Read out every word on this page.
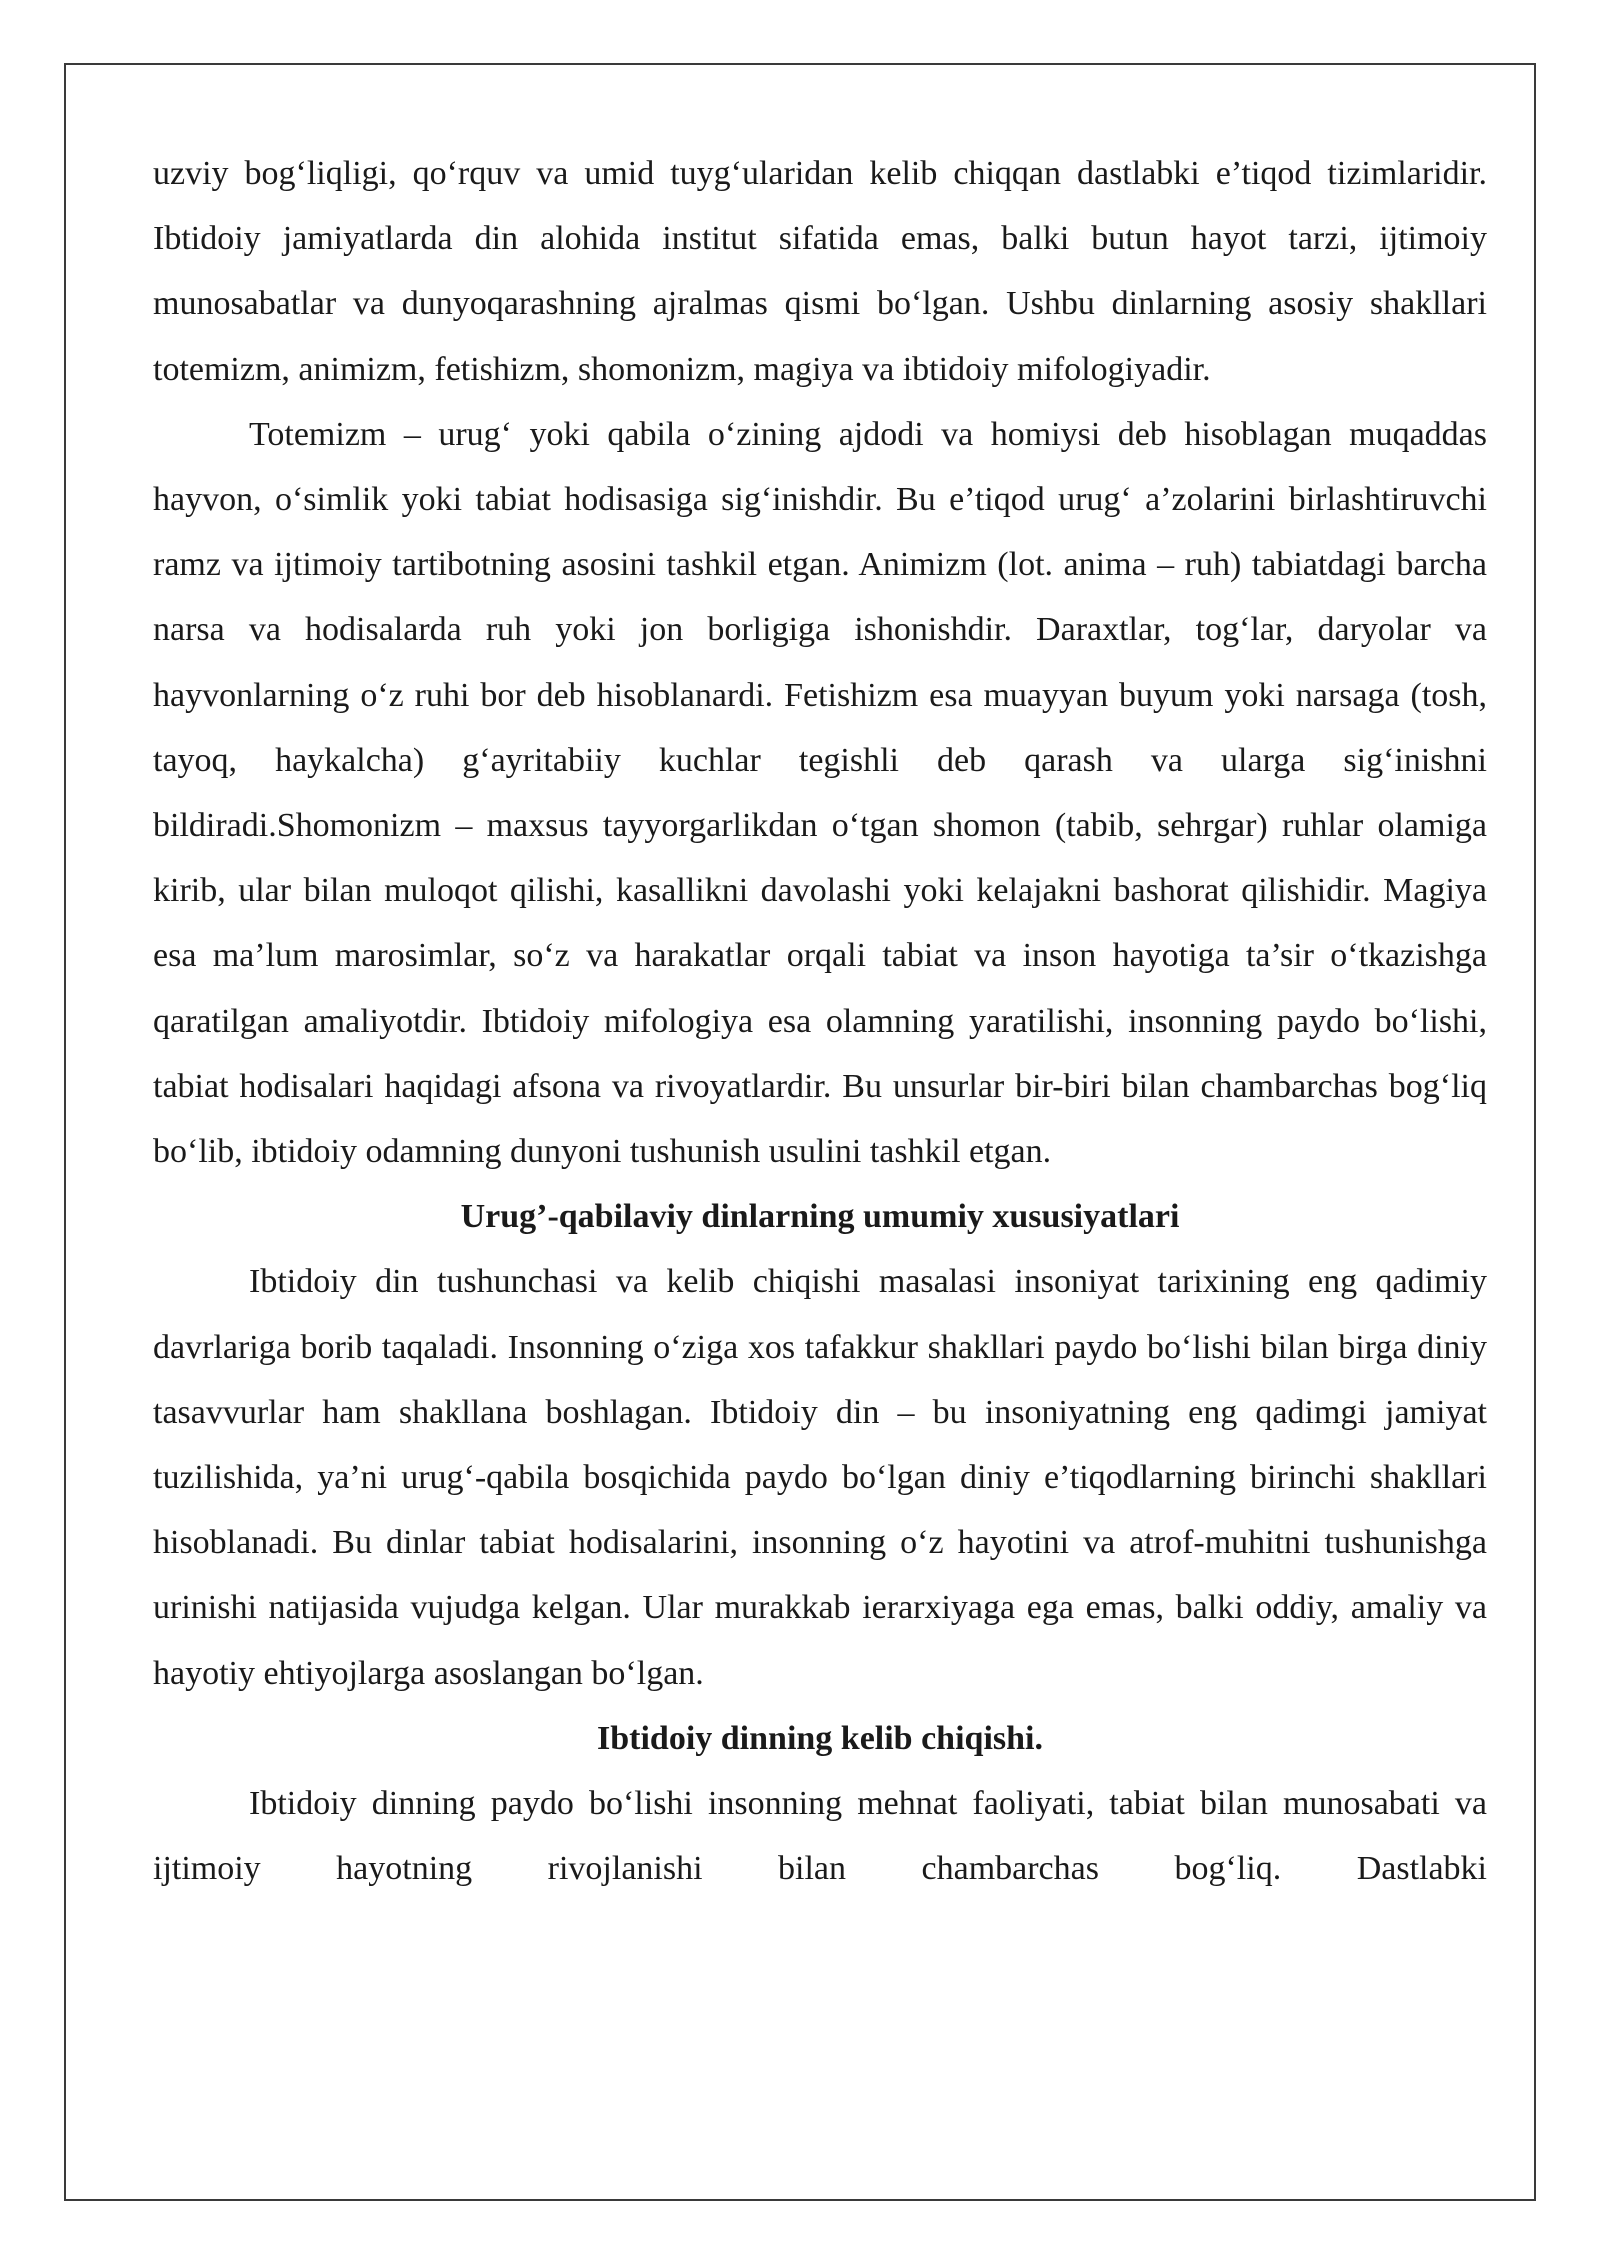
uzviy bog‘liqligi, qo‘rquv va umid tuyg‘ularidan kelib chiqqan dastlabki e’tiqod tizimlaridir. Ibtidoiy jamiyatlarda din alohida institut sifatida emas, balki butun hayot tarzi, ijtimoiy munosabatlar va dunyoqarashning ajralmas qismi bo‘lgan. Ushbu dinlarning asosiy shakllari totemizm, animizm, fetishizm, shomonizm, magiya va ibtidoiy mifologiyadir.

Totemizm – urug‘ yoki qabila o‘zining ajdodi va homiysi deb hisoblagan muqaddas hayvon, o‘simlik yoki tabiat hodisasiga sig‘inishdir. Bu e’tiqod urug‘ a’zolarini birlashtiruvchi ramz va ijtimoiy tartibotning asosini tashkil etgan. Animizm (lot. anima – ruh) tabiatdagi barcha narsa va hodisalarda ruh yoki jon borligiga ishonishdir. Daraxtlar, tog‘lar, daryolar va hayvonlarning o‘z ruhi bor deb hisoblanardi. Fetishizm esa muayyan buyum yoki narsaga (tosh, tayoq, haykalcha) g‘ayritabiiy kuchlar tegishli deb qarash va ularga sig‘inishni bildiradi.Shomonizm – maxsus tayyorgarlikdan o‘tgan shomon (tabib, sehrgar) ruhlar olamiga kirib, ular bilan muloqot qilishi, kasallikni davolashi yoki kelajakni bashorat qilishidir. Magiya esa ma’lum marosimlar, so‘z va harakatlar orqali tabiat va inson hayotiga ta’sir o‘tkazishga qaratilgan amaliyotdir. Ibtidoiy mifologiya esa olamning yaratilishi, insonning paydo bo‘lishi, tabiat hodisalari haqidagi afsona va rivoyatlardir. Bu unsurlar bir-biri bilan chambarchas bog‘liq bo‘lib, ibtidoiy odamning dunyoni tushunish usulini tashkil etgan.

Urug’-qabilaviy dinlarning umumiy xususiyatlari

Ibtidoiy din tushunchasi va kelib chiqishi masalasi insoniyat tarixining eng qadimiy davrlariga borib taqaladi. Insonning o‘ziga xos tafakkur shakllari paydo bo‘lishi bilan birga diniy tasavvurlar ham shakllana boshlagan. Ibtidoiy din – bu insoniyatning eng qadimgi jamiyat tuzilishida, ya’ni urug‘-qabila bosqichida paydo bo‘lgan diniy e’tiqodlarning birinchi shakllari hisoblanadi. Bu dinlar tabiat hodisalarini, insonning o‘z hayotini va atrof-muhitni tushunishga urinishi natijasida vujudga kelgan. Ular murakkab ierarxiyaga ega emas, balki oddiy, amaliy va hayotiy ehtiyojlarga asoslangan bo‘lgan.

Ibtidoiy dinning kelib chiqishi.

Ibtidoiy dinning paydo bo‘lishi insonning mehnat faoliyati, tabiat bilan munosabati va ijtimoiy hayotning rivojlanishi bilan chambarchas bog‘liq. Dastlabki
